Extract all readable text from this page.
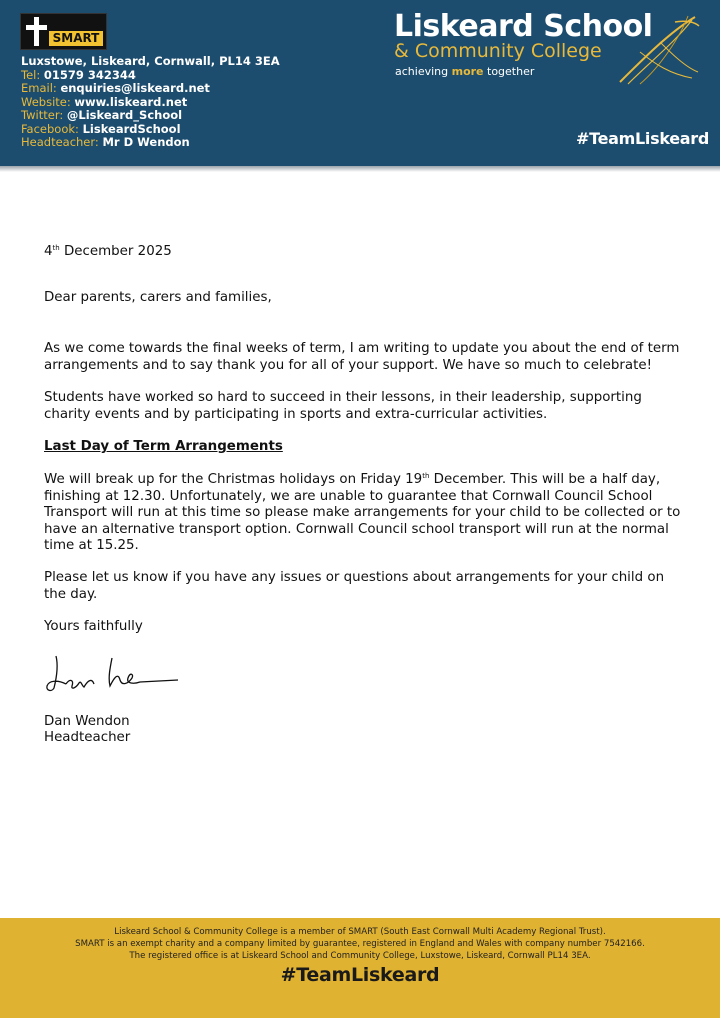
SMART
Luxstowe, Liskeard, Cornwall, PL14 3EA
Tel: 01579 342344
Email: enquiries@liskeard.net
Website: www.liskeard.net
Twitter: @Liskeard_School
Facebook: LiskeardSchool
Headteacher: Mr D Wendon
Liskeard School
& Community College
achieving more together
#TeamLiskeard

4th December 2025

Dear parents, carers and families,

As we come towards the final weeks of term, I am writing to update you about the end of term arrangements and to say thank you for all of your support. We have so much to celebrate!

Students have worked so hard to succeed in their lessons, in their leadership, supporting charity events and by participating in sports and extra-curricular activities.

Last Day of Term Arrangements

We will break up for the Christmas holidays on Friday 19th December. This will be a half day, finishing at 12.30. Unfortunately, we are unable to guarantee that Cornwall Council School Transport will run at this time so please make arrangements for your child to be collected or to have an alternative transport option. Cornwall Council school transport will run at the normal time at 15.25.

Please let us know if you have any issues or questions about arrangements for your child on the day.

Yours faithfully

Dan Wendon

Headteacher

Liskeard School & Community College is a member of SMART (South East Cornwall Multi Academy Regional Trust).
SMART is an exempt charity and a company limited by guarantee, registered in England and Wales with company number 7542166.
The registered office is at Liskeard School and Community College, Luxstowe, Liskeard, Cornwall PL14 3EA.
#TeamLiskeard
